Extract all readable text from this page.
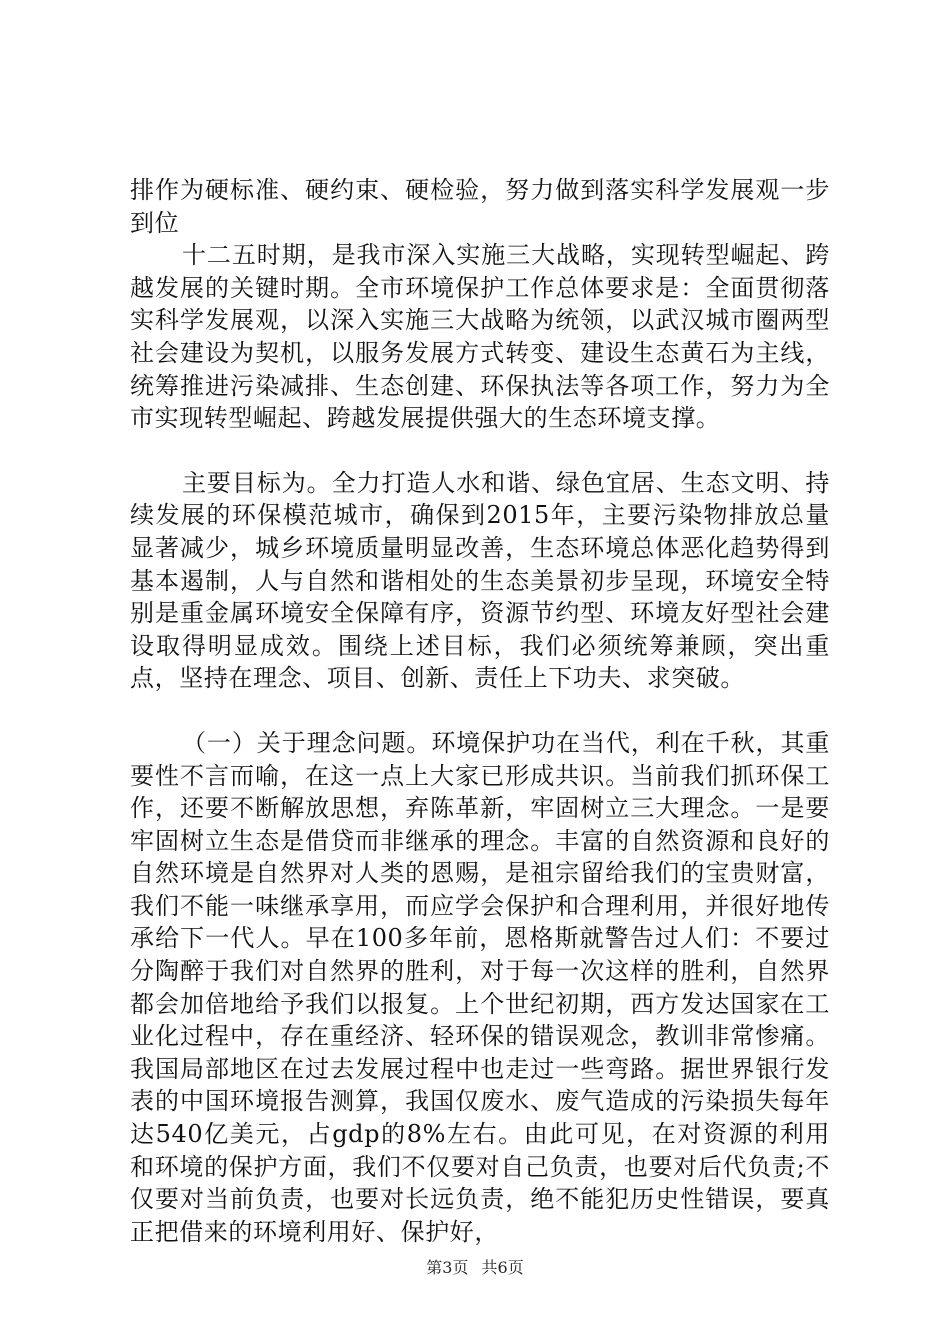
排作为硬标准、硬约束、硬检验，努力做到落实科学发展观一步到位

十二五时期，是我市深入实施三大战略，实现转型崛起、跨越发展的关键时期。全市环境保护工作总体要求是：全面贯彻落实科学发展观，以深入实施三大战略为统领，以武汉城市圈两型社会建设为契机，以服务发展方式转变、建设生态黄石为主线，统筹推进污染减排、生态创建、环保执法等各项工作，努力为全市实现转型崛起、跨越发展提供强大的生态环境支撑。

主要目标为。全力打造人水和谐、绿色宜居、生态文明、持续发展的环保模范城市，确保到2015年，主要污染物排放总量显著减少，城乡环境质量明显改善，生态环境总体恶化趋势得到基本遏制，人与自然和谐相处的生态美景初步呈现，环境安全特别是重金属环境安全保障有序，资源节约型、环境友好型社会建设取得明显成效。围绕上述目标，我们必须统筹兼顾，突出重点，坚持在理念、项目、创新、责任上下功夫、求突破。

（一）关于理念问题。环境保护功在当代，利在千秋，其重要性不言而喻，在这一点上大家已形成共识。当前我们抓环保工作，还要不断解放思想，弃陈革新，牢固树立三大理念。一是要牢固树立生态是借贷而非继承的理念。丰富的自然资源和良好的自然环境是自然界对人类的恩赐，是祖宗留给我们的宝贵财富，我们不能一味继承享用，而应学会保护和合理利用，并很好地传承给下一代人。早在100多年前，恩格斯就警告过人们：不要过分陶醉于我们对自然界的胜利，对于每一次这样的胜利，自然界都会加倍地给予我们以报复。上个世纪初期，西方发达国家在工业化过程中，存在重经济、轻环保的错误观念，教训非常惨痛。我国局部地区在过去发展过程中也走过一些弯路。据世界银行发表的中国环境报告测算，我国仅废水、废气造成的污染损失每年达540亿美元，占gdp的8%左右。由此可见，在对资源的利用和环境的保护方面，我们不仅要对自己负责，也要对后代负责;不仅要对当前负责，也要对长远负责，绝不能犯历史性错误，要真正把借来的环境利用好、保护好，

第3页 共6页
